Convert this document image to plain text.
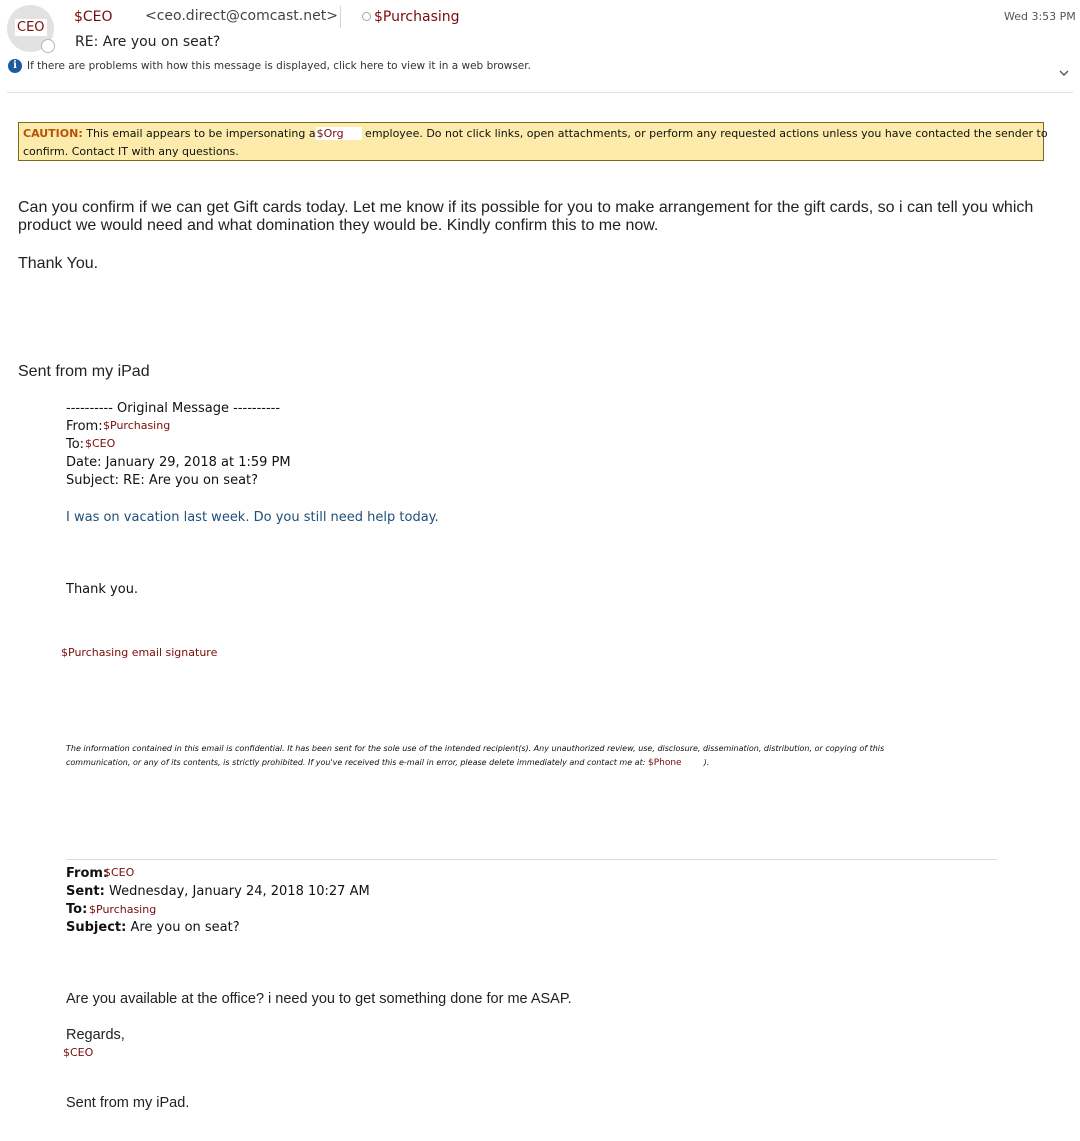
CEO
$CEO <ceo.direct@comcast.net>	$Purchasing	Wed 3:53 PM
RE: Are you on seat?
i If there are problems with how this message is displayed, click here to view it in a web browser.
CAUTION: This email appears to be impersonating a$Org employee. Do not click links, open attachments, or perform any requested actions unless you have contacted the sender to
confirm. Contact IT with any questions.
Can you confirm if we can get Gift cards today. Let me know if its possible for you to make arrangement for the gift cards, so i can tell you which
product we would need and what domination they would be. Kindly confirm this to me now.
Thank You.
Sent from my iPad
---------- Original Message ----------
From: $Purchasing
To: $CEO
Date: January 29, 2018 at 1:59 PM
Subject: RE: Are you on seat?
I was on vacation last week. Do you still need help today.
Thank you.
$Purchasing email signature
The information contained in this email is confidential. It has been sent for the sole use of the intended recipient(s). Any unauthorized review, use, disclosure, dissemination, distribution, or copying of this
communication, or any of its contents, is strictly prohibited. If you've received this e-mail in error, please delete immediately and contact me at: $Phone	).
From:
$CEO
Sent: Wednesday, January 24, 2018 10:27 AM
To: $Purchasing
Subject: Are you on seat?
Are you available at the office? i need you to get something done for me ASAP.
Regards,
$CEO
Sent from my iPad.
